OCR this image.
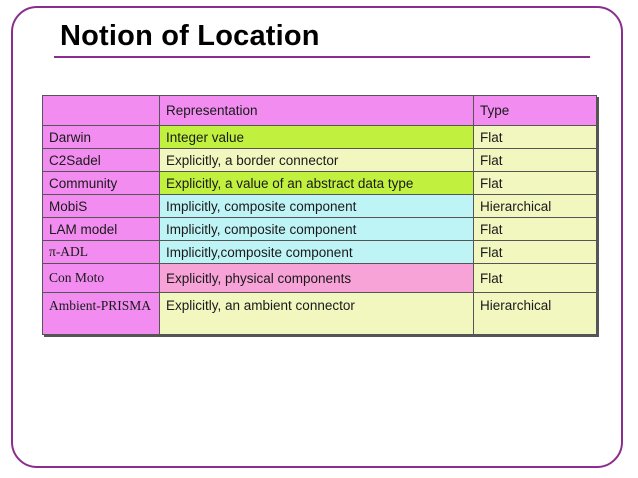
Notion of Location
	Representation	Type
Darwin	Integer value	Flat
C2Sadel	Explicitly, a border connector	Flat
Community	Explicitly, a value of an abstract data type	Flat
MobiS	Implicitly, composite component	Hierarchical
LAM model	Implicitly, composite component	Flat
π-ADL	Implicitly,composite component	Flat
Con Moto	Explicitly, physical components	Flat
Ambient-PRISMA	Explicitly, an ambient connector	Hierarchical
